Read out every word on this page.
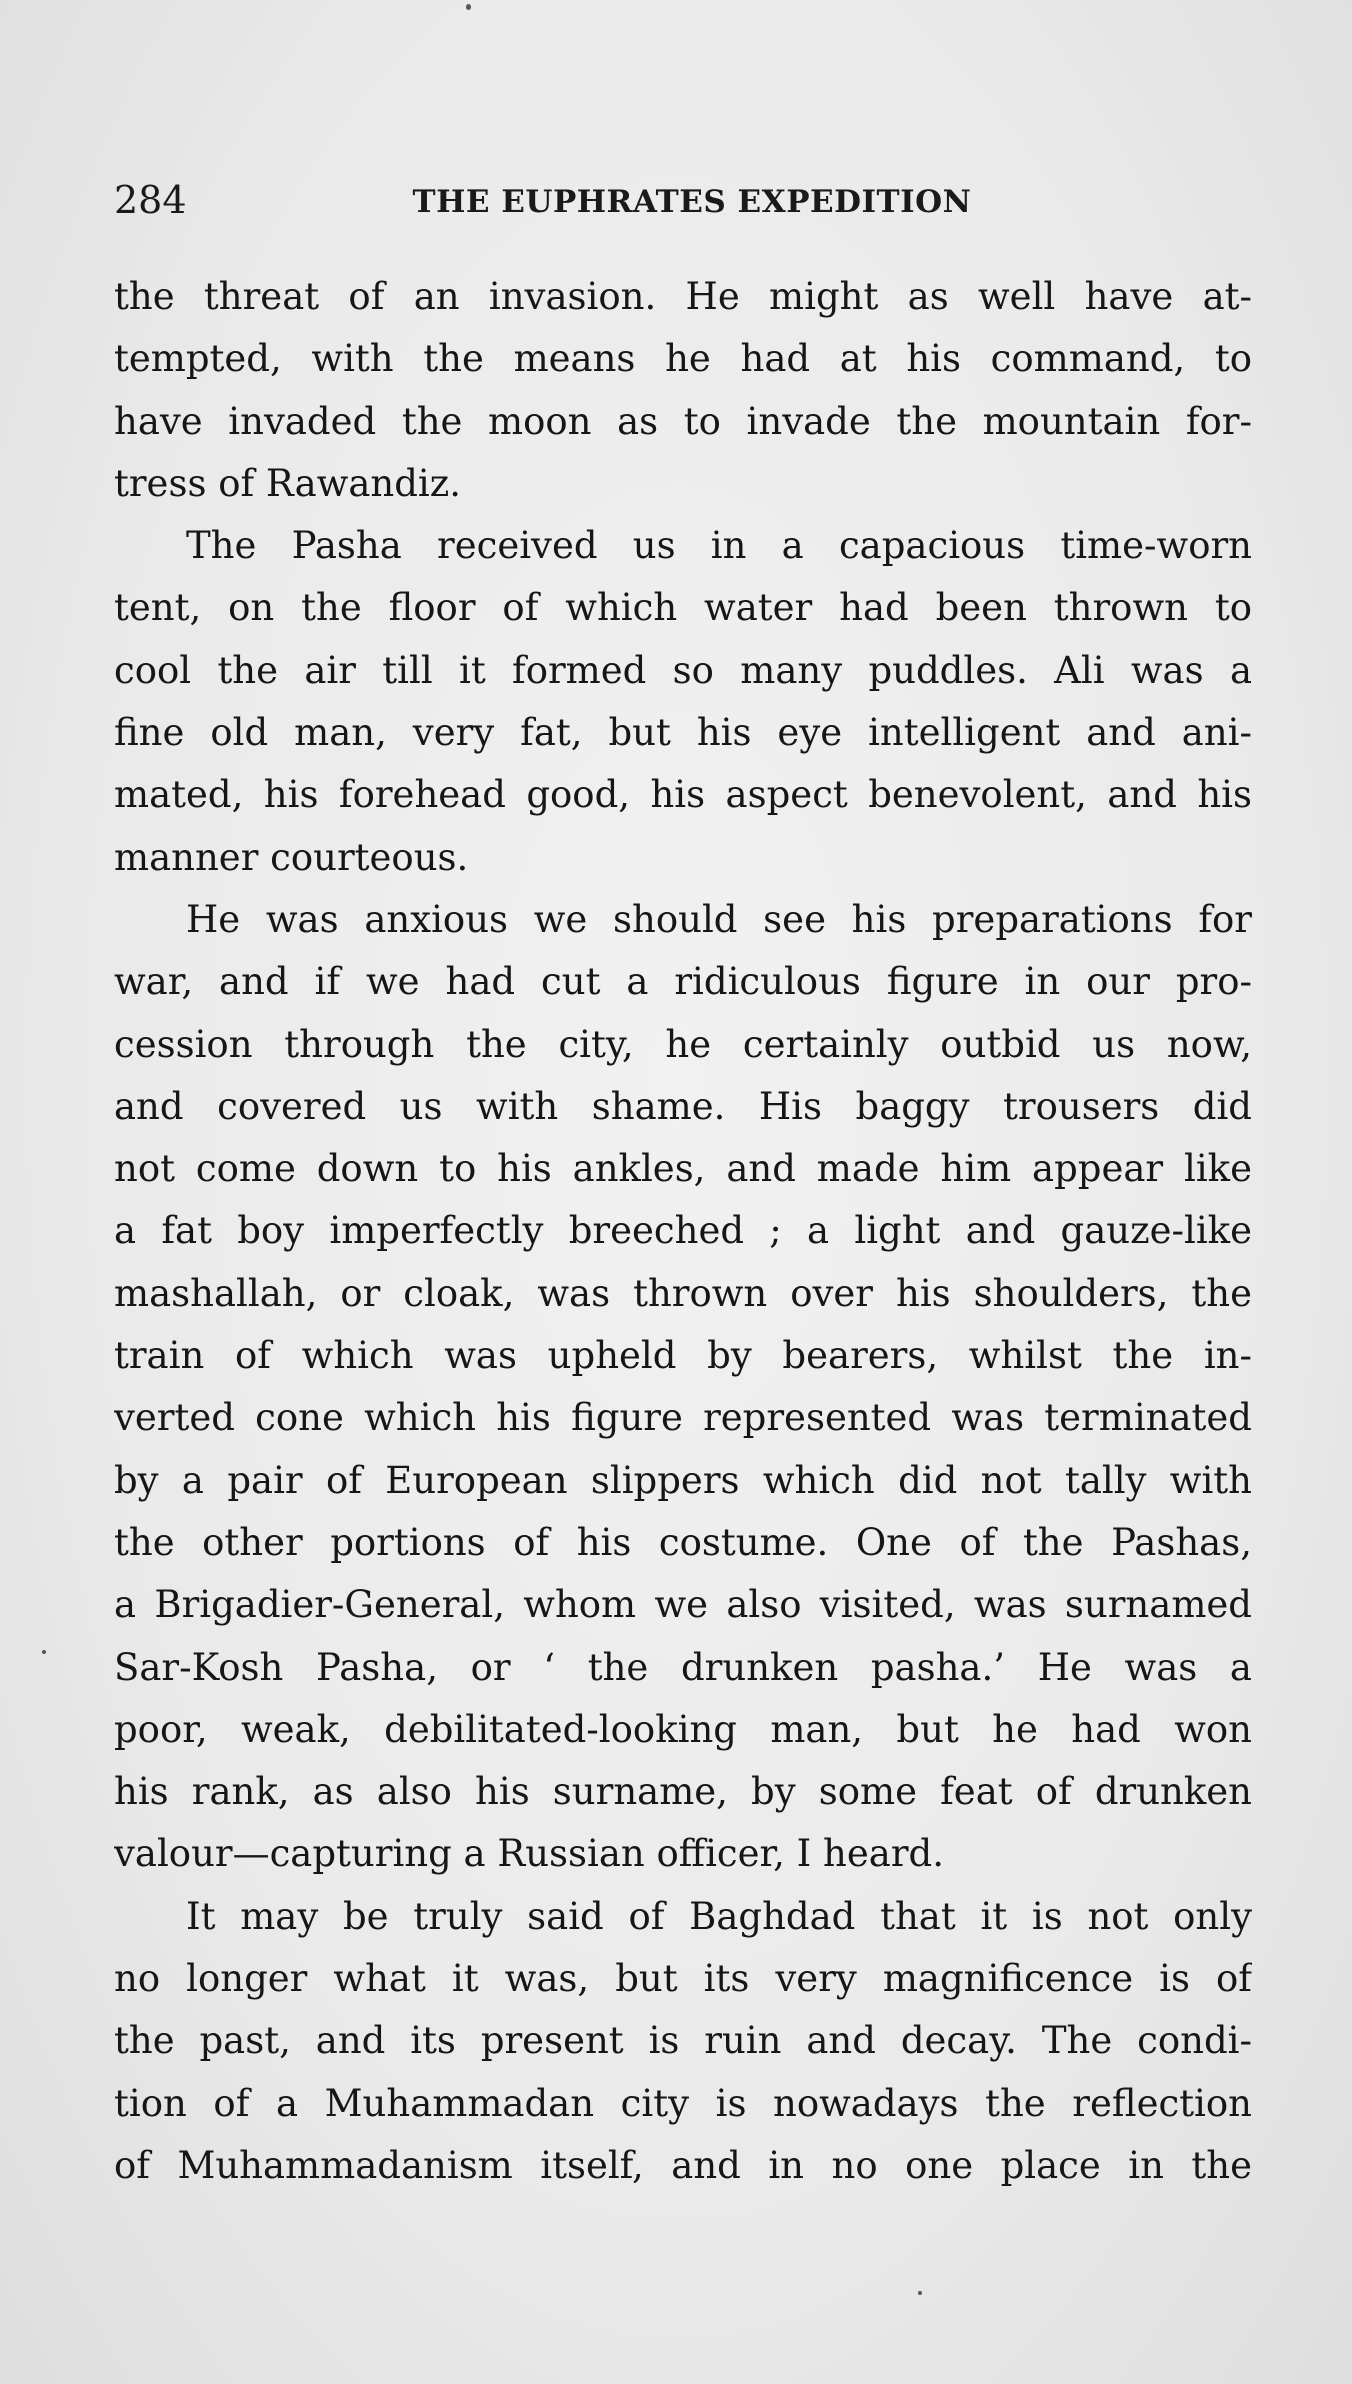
284	THE EUPHRATES EXPEDITION
the threat of an invasion. He might as well have at-
tempted, with the means he had at his command, to
have invaded the moon as to invade the mountain for-
tress of Rawandiz.
The Pasha received us in a capacious time-worn
tent, on the floor of which water had been thrown to
cool the air till it formed so many puddles. Ali was a
fine old man, very fat, but his eye intelligent and ani-
mated, his forehead good, his aspect benevolent, and his
manner courteous.
He was anxious we should see his preparations for
war, and if we had cut a ridiculous figure in our pro-
cession through the city, he certainly outbid us now,
and covered us with shame. His baggy trousers did
not come down to his ankles, and made him appear like
a fat boy imperfectly breeched ; a light and gauze-like
mashallah, or cloak, was thrown over his shoulders, the
train of which was upheld by bearers, whilst the in-
verted cone which his figure represented was terminated
by a pair of European slippers which did not tally with
the other portions of his costume. One of the Pashas,
a Brigadier-General, whom we also visited, was surnamed
Sar-Kosh Pasha, or ‘ the drunken pasha.’ He was a
poor, weak, debilitated-looking man, but he had won
his rank, as also his surname, by some feat of drunken
valour—capturing a Russian officer, I heard.
It may be truly said of Baghdad that it is not only
no longer what it was, but its very magnificence is of
the past, and its present is ruin and decay. The condi-
tion of a Muhammadan city is nowadays the reflection
of Muhammadanism itself, and in no one place in the
